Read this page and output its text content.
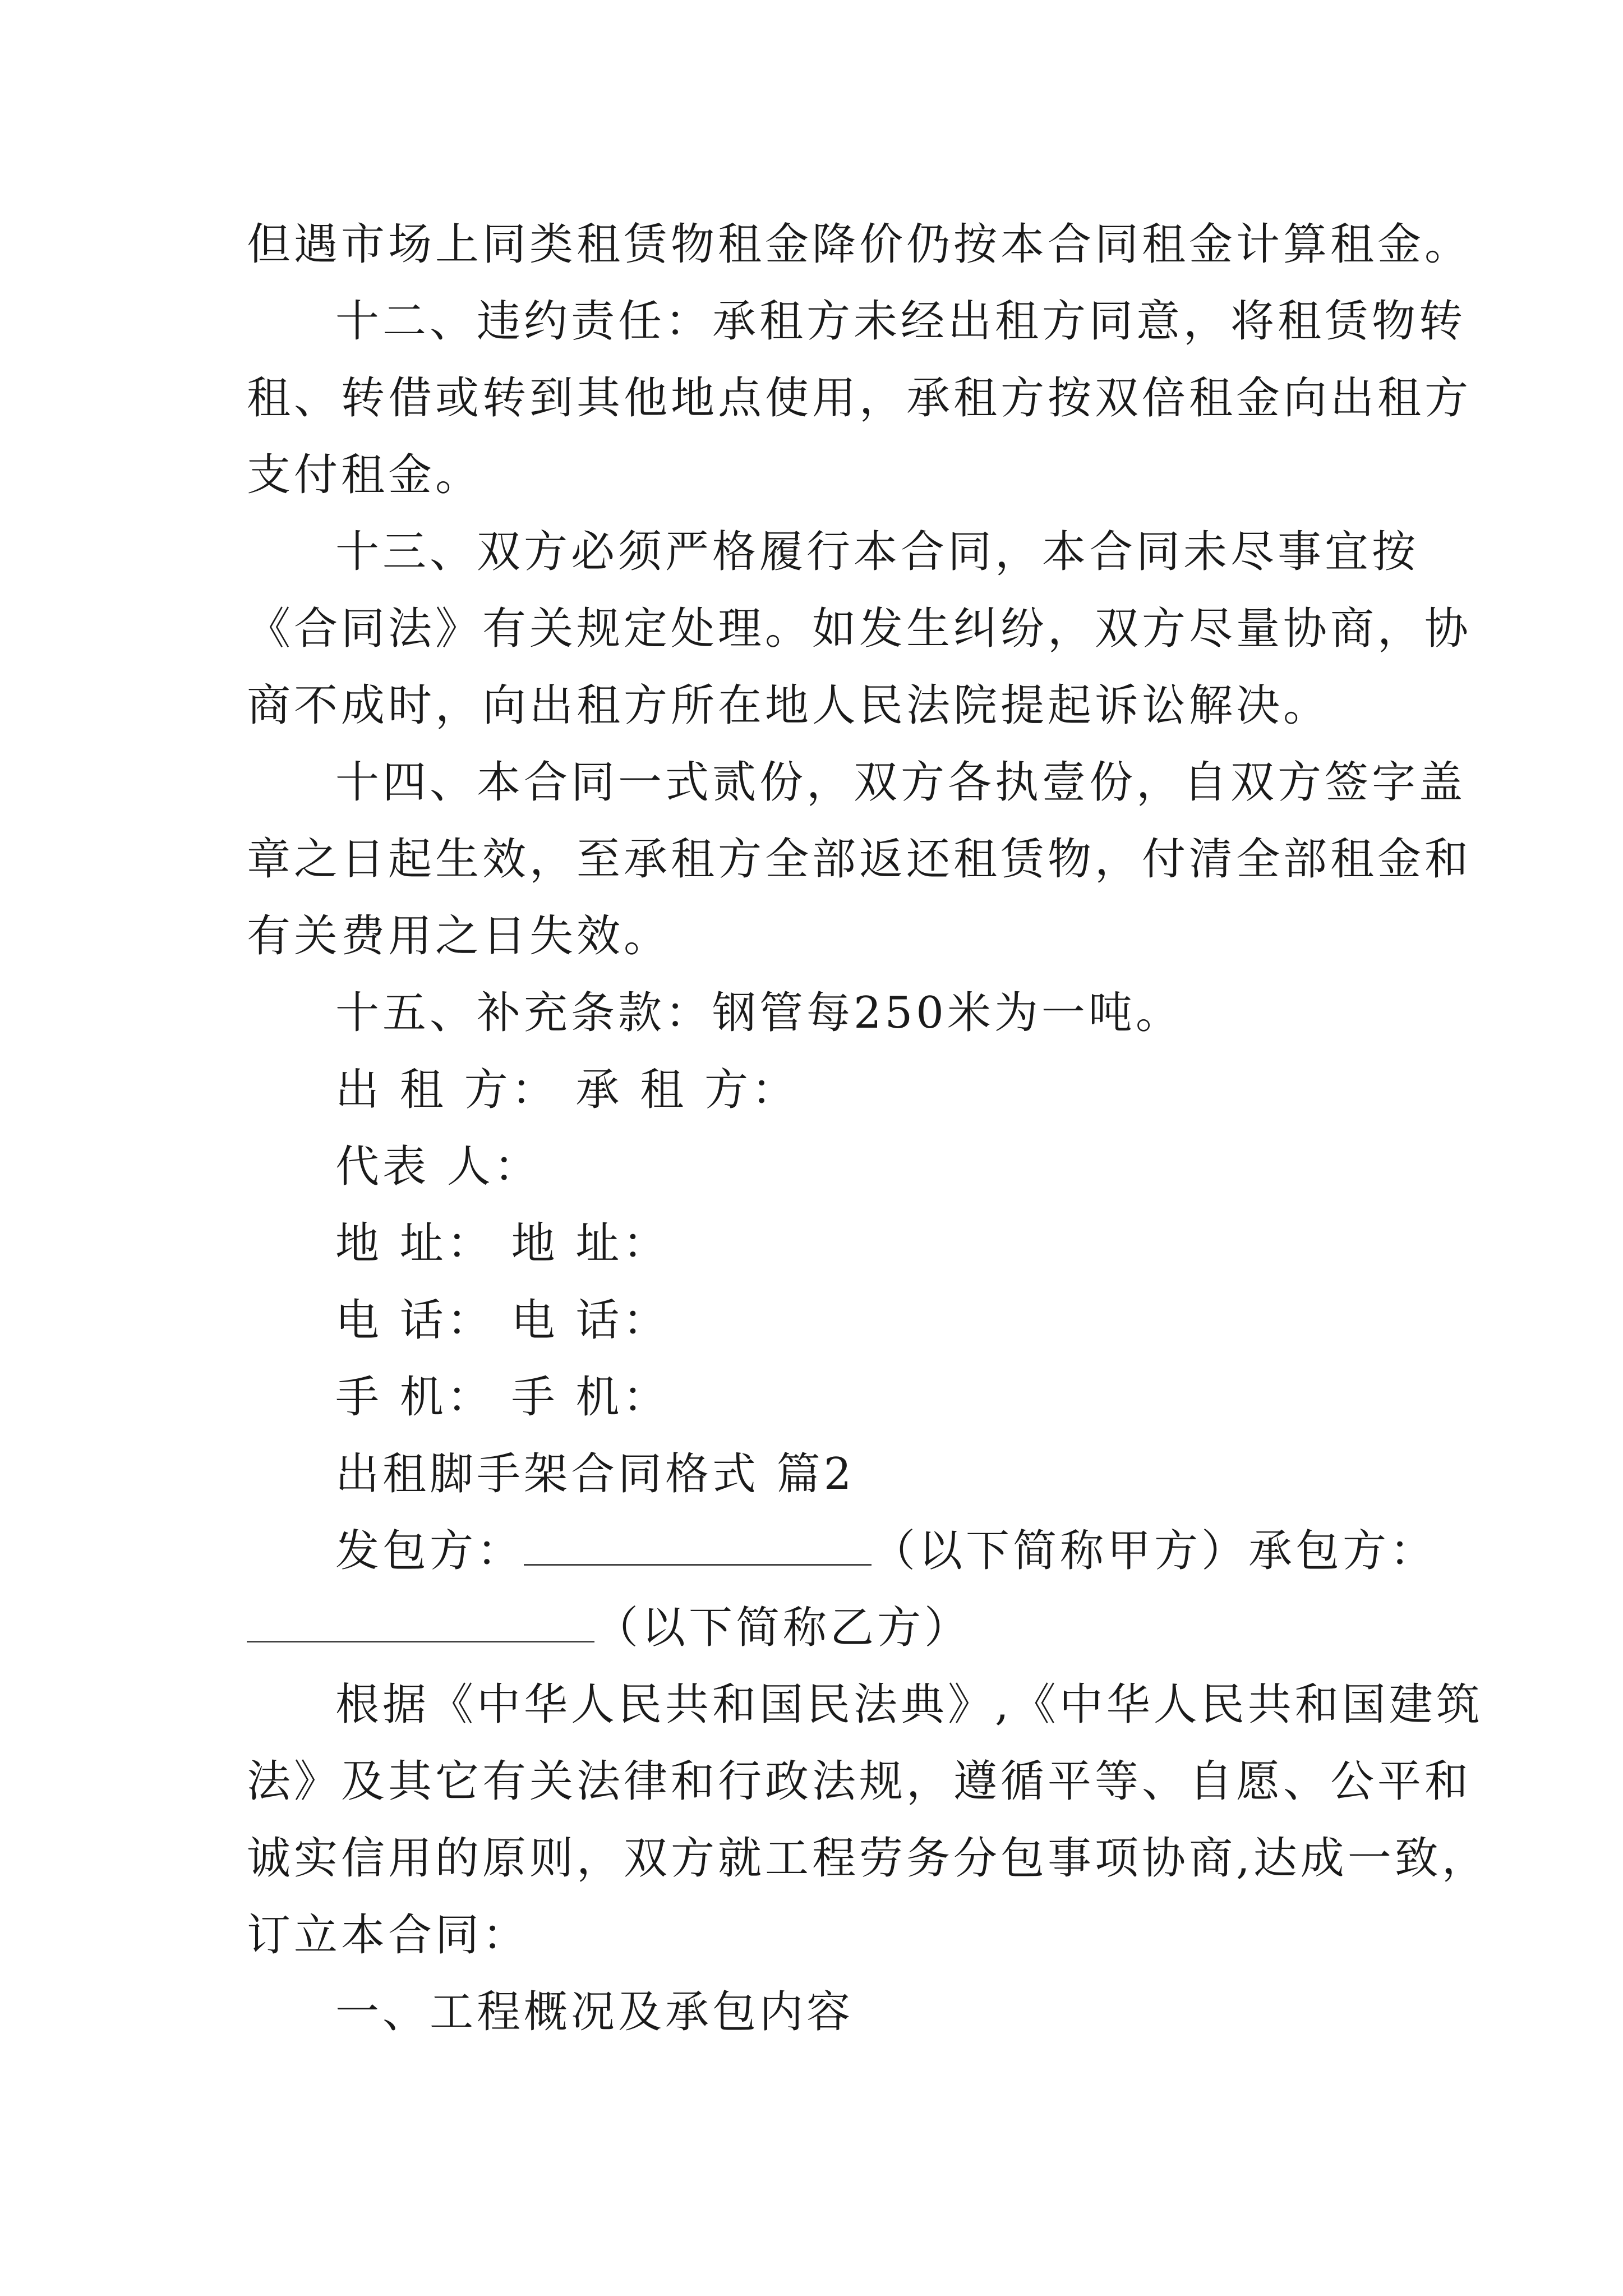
但遇市场上同类租赁物租金降价仍按本合同租金计算租金。
十二、违约责任：承租方未经出租方同意，将租赁物转
租、转借或转到其他地点使用，承租方按双倍租金向出租方
支付租金。
十三、双方必须严格履行本合同，本合同未尽事宜按
《合同法》有关规定处理。如发生纠纷，双方尽量协商，协
商不成时，向出租方所在地人民法院提起诉讼解决。
十四、本合同一式贰份，双方各执壹份，自双方签字盖
章之日起生效，至承租方全部返还租赁物，付清全部租金和
有关费用之日失效。
十五、补充条款：钢管每250米为一吨。
出 租 方： 承 租 方：
代表 人：
地 址： 地 址：
电 话： 电 话：
手 机： 手 机：
出租脚手架合同格式 篇2
发包方：	（以下简称甲方）承包方：
（以下简称乙方）
根据《中华人民共和国民法典》,《中华人民共和国建筑
法》及其它有关法律和行政法规，遵循平等、自愿、公平和
诚实信用的原则，双方就工程劳务分包事项协商,达成一致，
订立本合同：
一、工程概况及承包内容
